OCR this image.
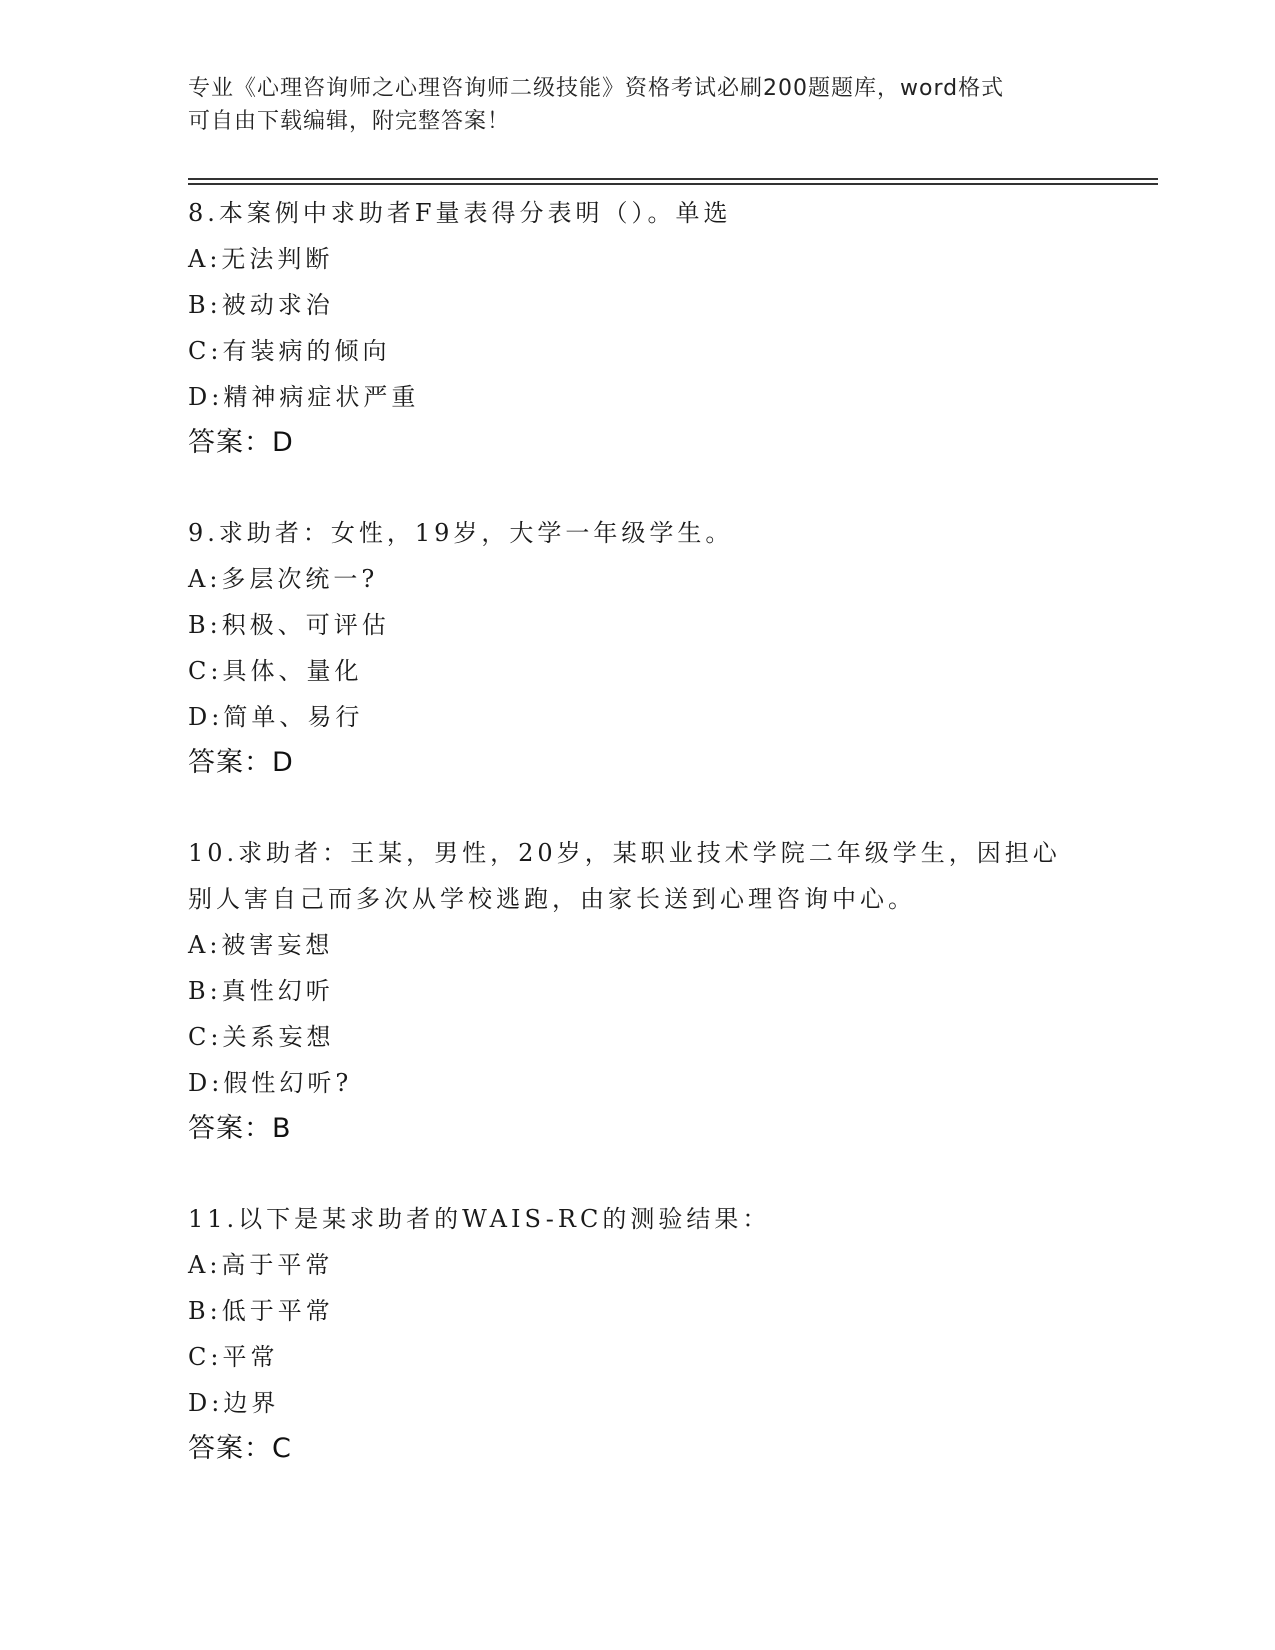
专业《心理咨询师之心理咨询师二级技能》资格考试必刷200题题库，word格式
可自由下载编辑，附完整答案！
8.本案例中求助者F量表得分表明（）。单选
A:无法判断
B:被动求治
C:有装病的倾向
D:精神病症状严重
答案：D
9.求助者：女性，19岁，大学一年级学生。
A:多层次统一?
B:积极、可评估
C:具体、量化
D:简单、易行
答案：D
10.求助者：王某，男性，20岁，某职业技术学院二年级学生，因担心
别人害自己而多次从学校逃跑，由家长送到心理咨询中心。
A:被害妄想
B:真性幻听
C:关系妄想
D:假性幻听?
答案：B
11.以下是某求助者的WAIS-RC的测验结果：
A:高于平常
B:低于平常
C:平常
D:边界
答案：C
